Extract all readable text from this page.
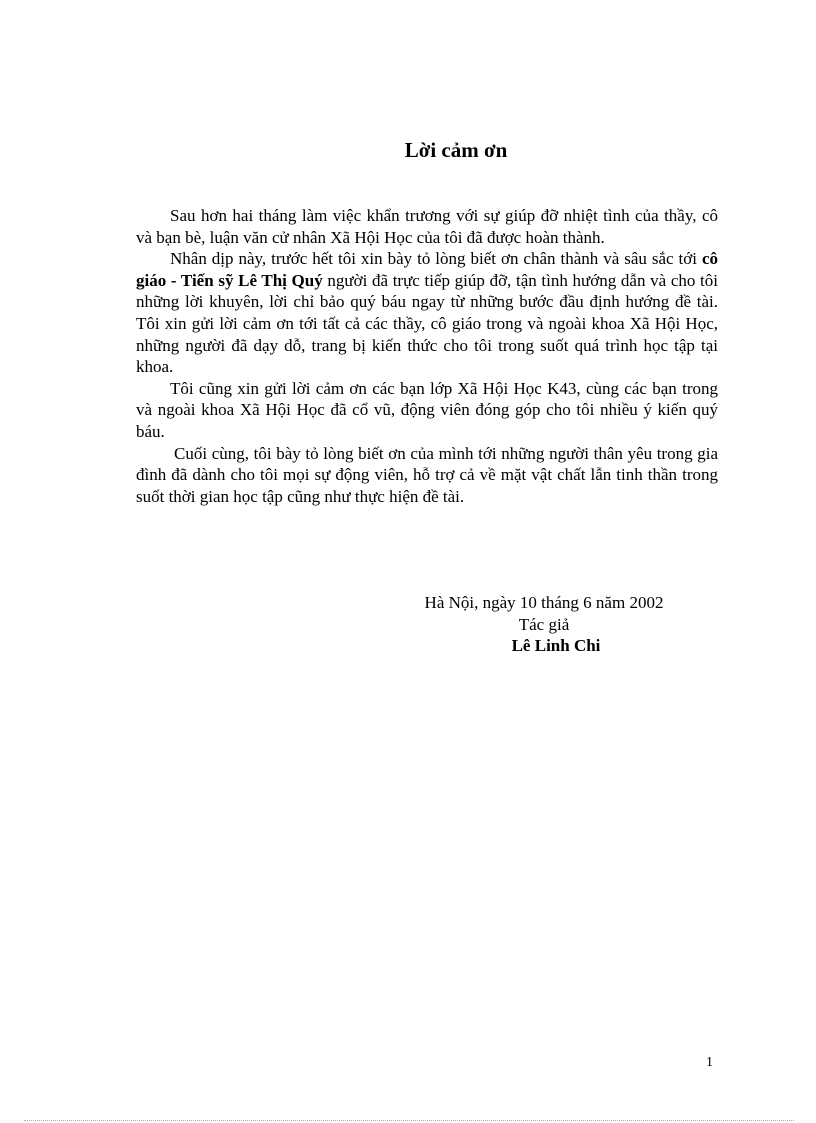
Lời cảm ơn

Sau hơn hai tháng làm việc khẩn trương với sự giúp đỡ nhiệt tình của thầy, cô và bạn bè, luận văn cử nhân Xã Hội Học của tôi đã được hoàn thành.

Nhân dịp này, trước hết tôi xin bày tỏ lòng biết ơn chân thành và sâu sắc tới cô giáo - Tiến sỹ Lê Thị Quý người đã trực tiếp giúp đỡ, tận tình hướng dẫn và cho tôi những lời khuyên, lời chỉ bảo quý báu ngay từ những bước đầu định hướng đề tài. Tôi xin gửi lời cảm ơn tới tất cả các thầy, cô giáo trong và ngoài khoa Xã Hội Học, những người đã dạy dỗ, trang bị kiến thức cho tôi trong suốt quá trình học tập tại khoa.

Tôi cũng xin gửi lời cảm ơn các bạn lớp Xã Hội Học K43, cùng các bạn trong và ngoài khoa Xã Hội Học đã cổ vũ, động viên đóng góp cho tôi nhiều ý kiến quý báu.

Cuối cùng, tôi bày tỏ lòng biết ơn của mình tới những người thân yêu trong gia đình đã dành cho tôi mọi sự động viên, hỗ trợ cả về mặt vật chất lẫn tinh thần trong suốt thời gian học tập cũng như thực hiện đề tài.

Hà Nội, ngày 10 tháng 6 năm 2002
Tác giả
Lê Linh Chi
1
